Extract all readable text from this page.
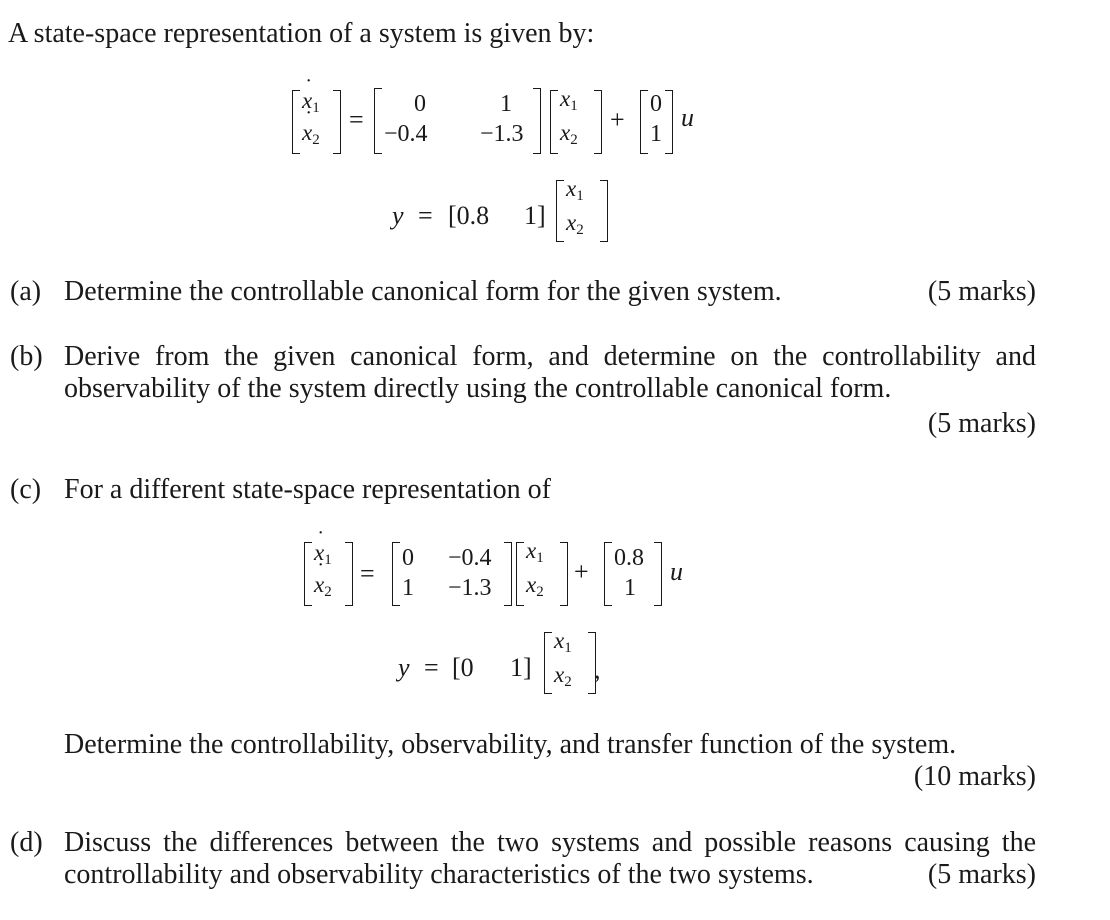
A state-space representation of a system is given by:
˙ $x_1$
˙ $x_2$
=
0	1
−0.4 −1.3
$x_1$
$x_2$
+
0
1
u
y = [0.8 1]
$x_1$
$x_2$
(a) Determine the controllable canonical form for the given system.	(5 marks)
(b) Derive from the given canonical form, and determine on the controllability and
observability of the system directly using the controllable canonical form.
(5 marks)
(c) For a different state-space representation of
˙ $x_1$
˙ $x_2$
=
0 −0.4
1 −1.3
$x_1$
$x_2$
+ 0.8
1
u
y = [0 1]
$x_1$
$x_2$ ,
Determine the controllability, observability, and transfer function of the system.
(10 marks)
(d) Discuss the differences between the two systems and possible reasons causing the
controllability and observability characteristics of the two systems.	(5 marks)
